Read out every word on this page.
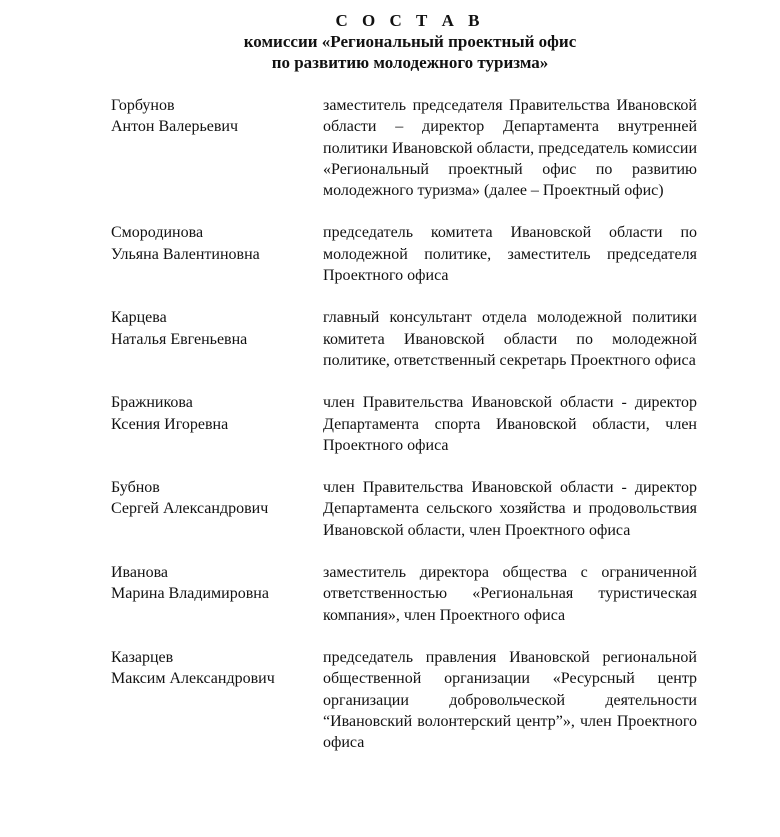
С О С Т А В
комиссии «Региональный проектный офис
по развитию молодежного туризма»
Горбунов
Антон Валерьевич
заместитель председателя Правительства Ивановской области – директор Департамента внутренней политики Ивановской области, председатель комиссии «Региональный проектный офис по развитию молодежного туризма» (далее – Проектный офис)
Смородинова
Ульяна Валентиновна
председатель комитета Ивановской области по молодежной политике, заместитель председателя Проектного офиса
Карцева
Наталья Евгеньевна
главный консультант отдела молодежной политики комитета Ивановской области по молодежной политике, ответственный секретарь Проектного офиса
Бражникова
Ксения Игоревна
член Правительства Ивановской области - директор Департамента спорта Ивановской области, член Проектного офиса
Бубнов
Сергей Александрович
член Правительства Ивановской области - директор Департамента сельского хозяйства и продовольствия Ивановской области, член Проектного офиса
Иванова
Марина Владимировна
заместитель директора общества с ограниченной ответственностью «Региональная туристическая компания», член Проектного офиса
Казарцев
Максим Александрович
председатель правления Ивановской региональной общественной организации «Ресурсный центр организации добровольческой деятельности “Ивановский волонтерский центр”», член Проектного офиса
